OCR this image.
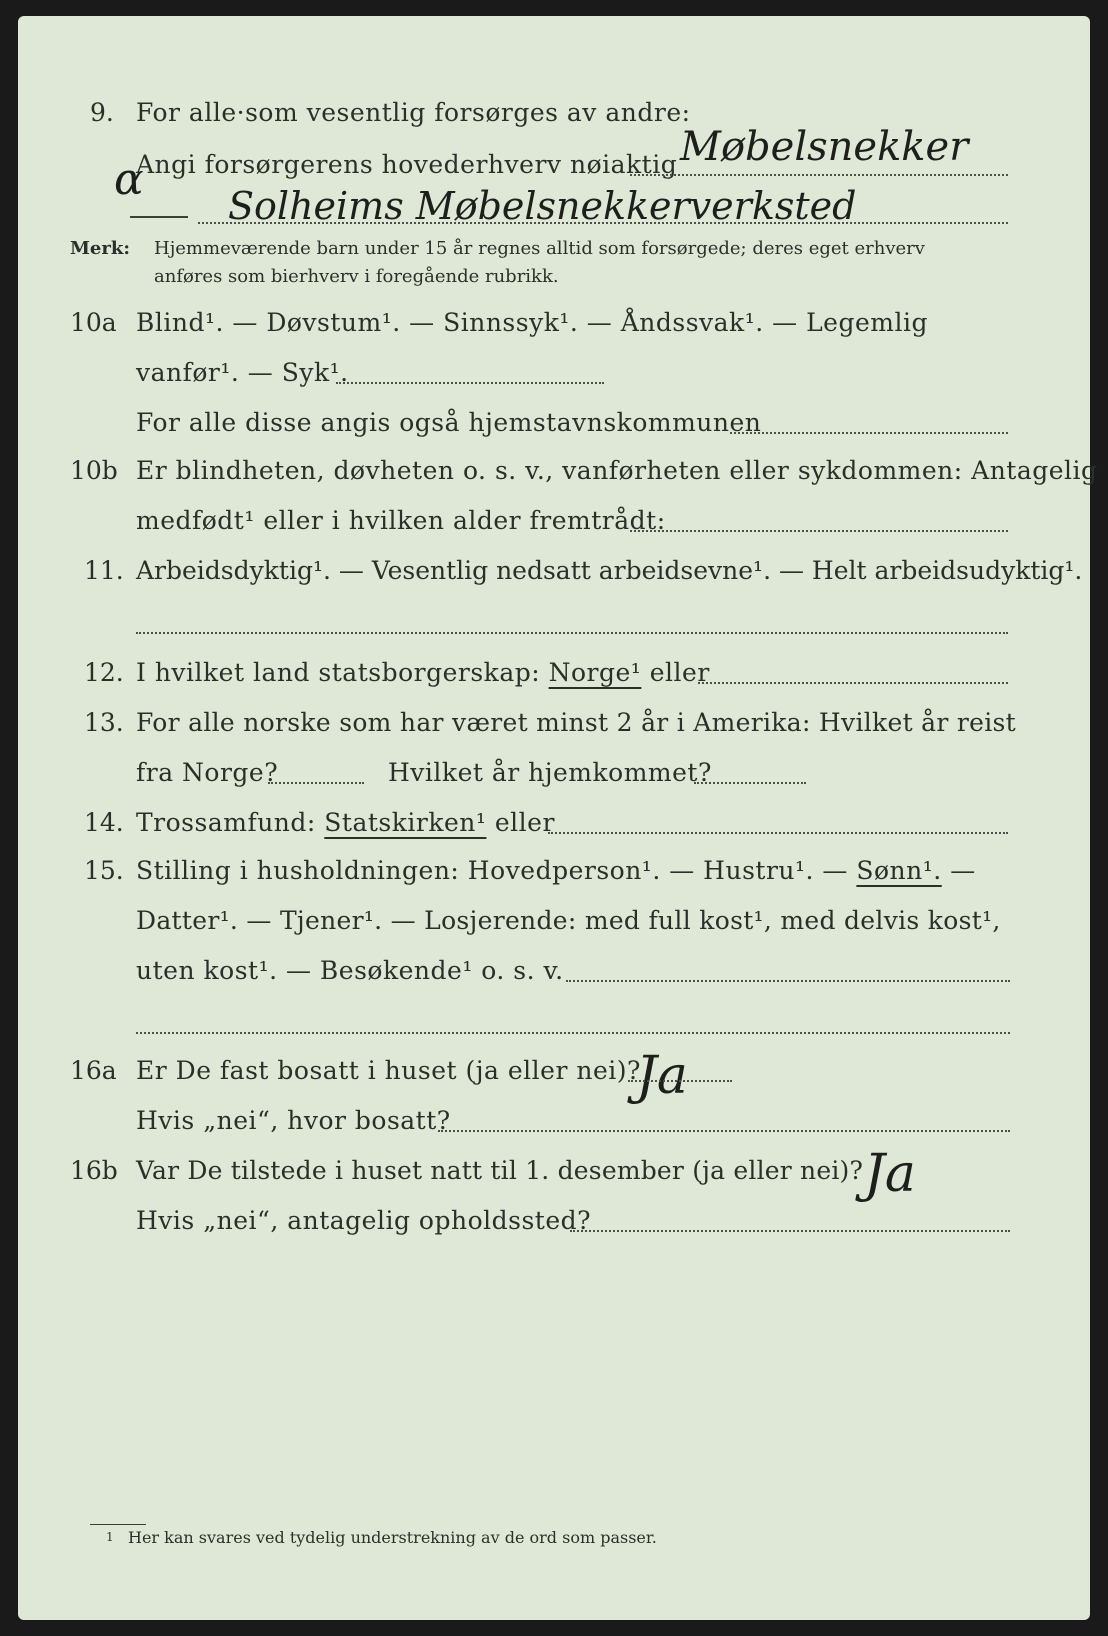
9. For alle·som vesentlig forsørges av andre:
Møbelsnekker
Angi forsørgerens hovederhverv nøiaktig
α
Solheims Møbelsnekkerverksted
Merk: Hjemmeværende barn under 15 år regnes alltid som forsørgede; deres eget erhverv
anføres som bierhverv i foregående rubrikk.
10a Blind¹. — Døvstum¹. — Sinnssyk¹. — Åndssvak¹. — Legemlig
vanfør¹. — Syk¹.
For alle disse angis også hjemstavnskommunen
10b Er blindheten, døvheten o. s. v., vanførheten eller sykdommen: Antagelig
medfødt¹ eller i hvilken alder fremtrådt:
11. Arbeidsdyktig¹. — Vesentlig nedsatt arbeidsevne¹. — Helt arbeidsudyktig¹.
12. I hvilket land statsborgerskap: Norge¹ eller
13. For alle norske som har været minst 2 år i Amerika: Hvilket år reist
fra Norge?	Hvilket år hjemkommet?
14. Trossamfund: Statskirken¹ eller
15. Stilling i husholdningen: Hovedperson¹. — Hustru¹. — Sønn¹. —
Datter¹. — Tjener¹. — Losjerende: med full kost¹, med delvis kost¹,
uten kost¹. — Besøkende¹ o. s. v.
16a Er De fast bosatt i huset (ja eller nei)?
Ja
Hvis „nei“, hvor bosatt?
16b Var De tilstede i huset natt til 1. desember (ja eller nei)? Ja
Hvis „nei“, antagelig opholdssted?
1 Her kan svares ved tydelig understrekning av de ord som passer.
